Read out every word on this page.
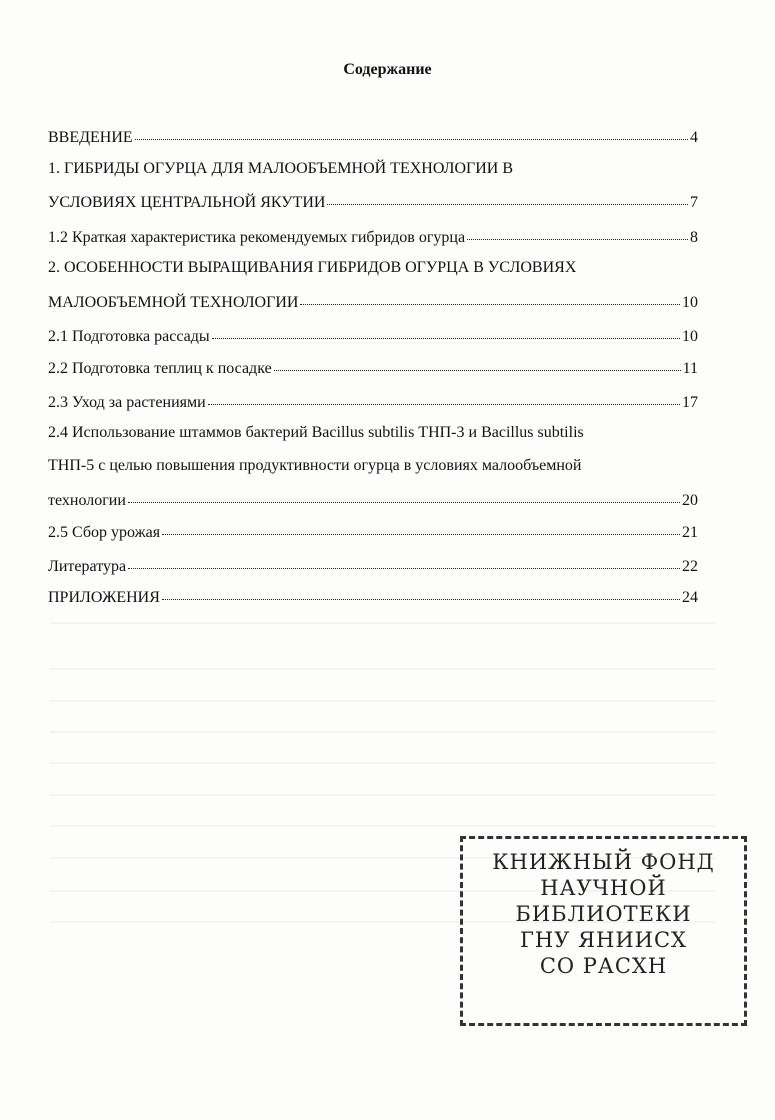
Содержание
ВВЕДЕНИЕ	4
1. ГИБРИДЫ ОГУРЦА ДЛЯ МАЛООБЪЕМНОЙ ТЕХНОЛОГИИ В
УСЛОВИЯХ ЦЕНТРАЛЬНОЙ ЯКУТИИ	7
1.2 Краткая характеристика рекомендуемых гибридов огурца	8
2. ОСОБЕННОСТИ ВЫРАЩИВАНИЯ ГИБРИДОВ ОГУРЦА В УСЛОВИЯХ
МАЛООБЪЕМНОЙ ТЕХНОЛОГИИ	10
2.1 Подготовка рассады	10
2.2 Подготовка теплиц к посадке	11
2.3 Уход за растениями	17
2.4 Использование штаммов бактерий Bacillus subtilis ТНП-3 и Bacillus subtilis
ТНП-5 с целью повышения продуктивности огурца в условиях малообъемной
технологии	20
2.5 Сбор урожая	21
Литература	22
ПРИЛОЖЕНИЯ	24
КНИЖНЫЙ ФОНД
НАУЧНОЙ
БИБЛИОТЕКИ
ГНУ ЯНИИСХ
СО РАСХН
